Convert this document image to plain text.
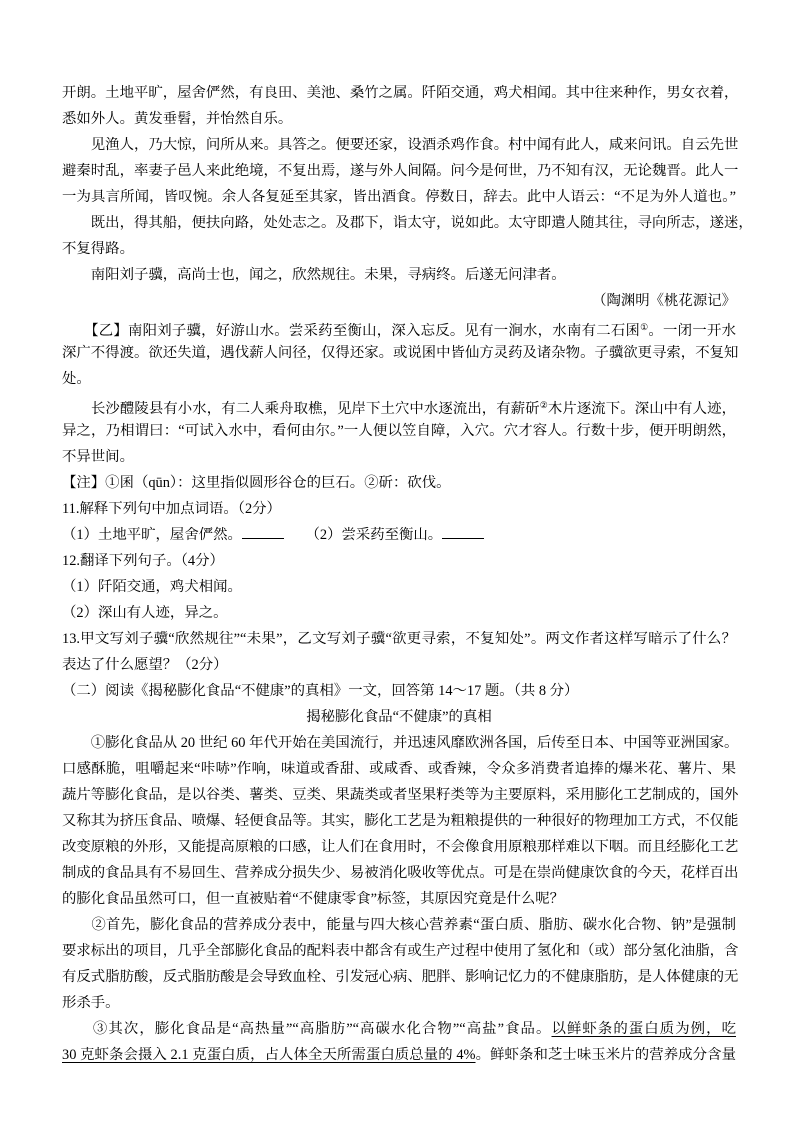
开朗。土地平旷，屋舍俨然，有良田、美池、桑竹之属。阡陌交通，鸡犬相闻。其中往来种作，男女衣着，
悉如外人。黄发垂髫，并怡然自乐。
　　见渔人，乃大惊，问所从来。具答之。便要还家，设酒杀鸡作食。村中闻有此人，咸来问讯。自云先世
避秦时乱，率妻子邑人来此绝境，不复出焉，遂与外人间隔。问今是何世，乃不知有汉，无论魏晋。此人一
一为具言所闻，皆叹惋。余人各复延至其家，皆出酒食。停数日，辞去。此中人语云：“不足为外人道也。”
　　既出，得其船，便扶向路，处处志之。及郡下，诣太守，说如此。太守即遣人随其往，寻向所志，遂迷，
不复得路。
　　南阳刘子骥，高尚士也，闻之，欣然规往。未果，寻病终。后遂无问津者。
（陶渊明《桃花源记》
　　【乙】南阳刘子骥，好游山水。尝采药至衡山，深入忘反。见有一涧水，水南有二石囷①。一闭一开水
深广不得渡。欲还失道，遇伐薪人问径，仅得还家。或说囷中皆仙方灵药及诸杂物。子骥欲更寻索，不复知
处。
　　长沙醴陵县有小水，有二人乘舟取樵，见岸下土穴中水逐流出，有薪斫②木片逐流下。深山中有人迹，
异之，乃相谓曰：“可试入水中，看何由尔。”一人便以笠自障，入穴。穴才容人。行数十步，便开明朗然，
不异世间。
【注】①囷（qūn）：这里指似圆形谷仓的巨石。②斫：砍伐。
11.解释下列句中加点词语。（2分）
（1）土地平旷，屋舍俨然。　　	（2）尝采药至衡山。
12.翻译下列句子。（4分）
（1）阡陌交通，鸡犬相闻。
（2）深山有人迹，异之。
13.甲文写刘子骥“欣然规往”“未果”，乙文写刘子骥“欲更寻索，不复知处”。两文作者这样写暗示了什么？
表达了什么愿望？（2分）
（二）阅读《揭秘膨化食品“不健康”的真相》一文，回答第 14～17 题。（共 8 分）
揭秘膨化食品“不健康”的真相
　　①膨化食品从 20 世纪 60 年代开始在美国流行，并迅速风靡欧洲各国，后传至日本、中国等亚洲国家。
口感酥脆，咀嚼起来“咔哧”作响，味道或香甜、或咸香、或香辣，令众多消费者追捧的爆米花、薯片、果
蔬片等膨化食品，是以谷类、薯类、豆类、果蔬类或者坚果籽类等为主要原料，采用膨化工艺制成的，国外
又称其为挤压食品、喷爆、轻便食品等。其实，膨化工艺是为粗粮提供的一种很好的物理加工方式，不仅能
改变原粮的外形，又能提高原粮的口感，让人们在食用时，不会像食用原粮那样难以下咽。而且经膨化工艺
制成的食品具有不易回生、营养成分损失少、易被消化吸收等优点。可是在崇尚健康饮食的今天，花样百出
的膨化食品虽然可口，但一直被贴着“不健康零食”标签，其原因究竟是什么呢？
　　②首先，膨化食品的营养成分表中，能量与四大核心营养素“蛋白质、脂肪、碳水化合物、钠”是强制
要求标出的项目，几乎全部膨化食品的配料表中都含有或生产过程中使用了氢化和（或）部分氢化油脂，含
有反式脂肪酸，反式脂肪酸是会导致血栓、引发冠心病、肥胖、影响记忆力的不健康脂肪，是人体健康的无
形杀手。
　　③其次，膨化食品是“高热量”“高脂肪”“高碳水化合物”“高盐”食品。以鲜虾条的蛋白质为例，吃
30 克虾条会摄入 2.1 克蛋白质，占人体全天所需蛋白质总量的 4%。鲜虾条和芝士味玉米片的营养成分含量
